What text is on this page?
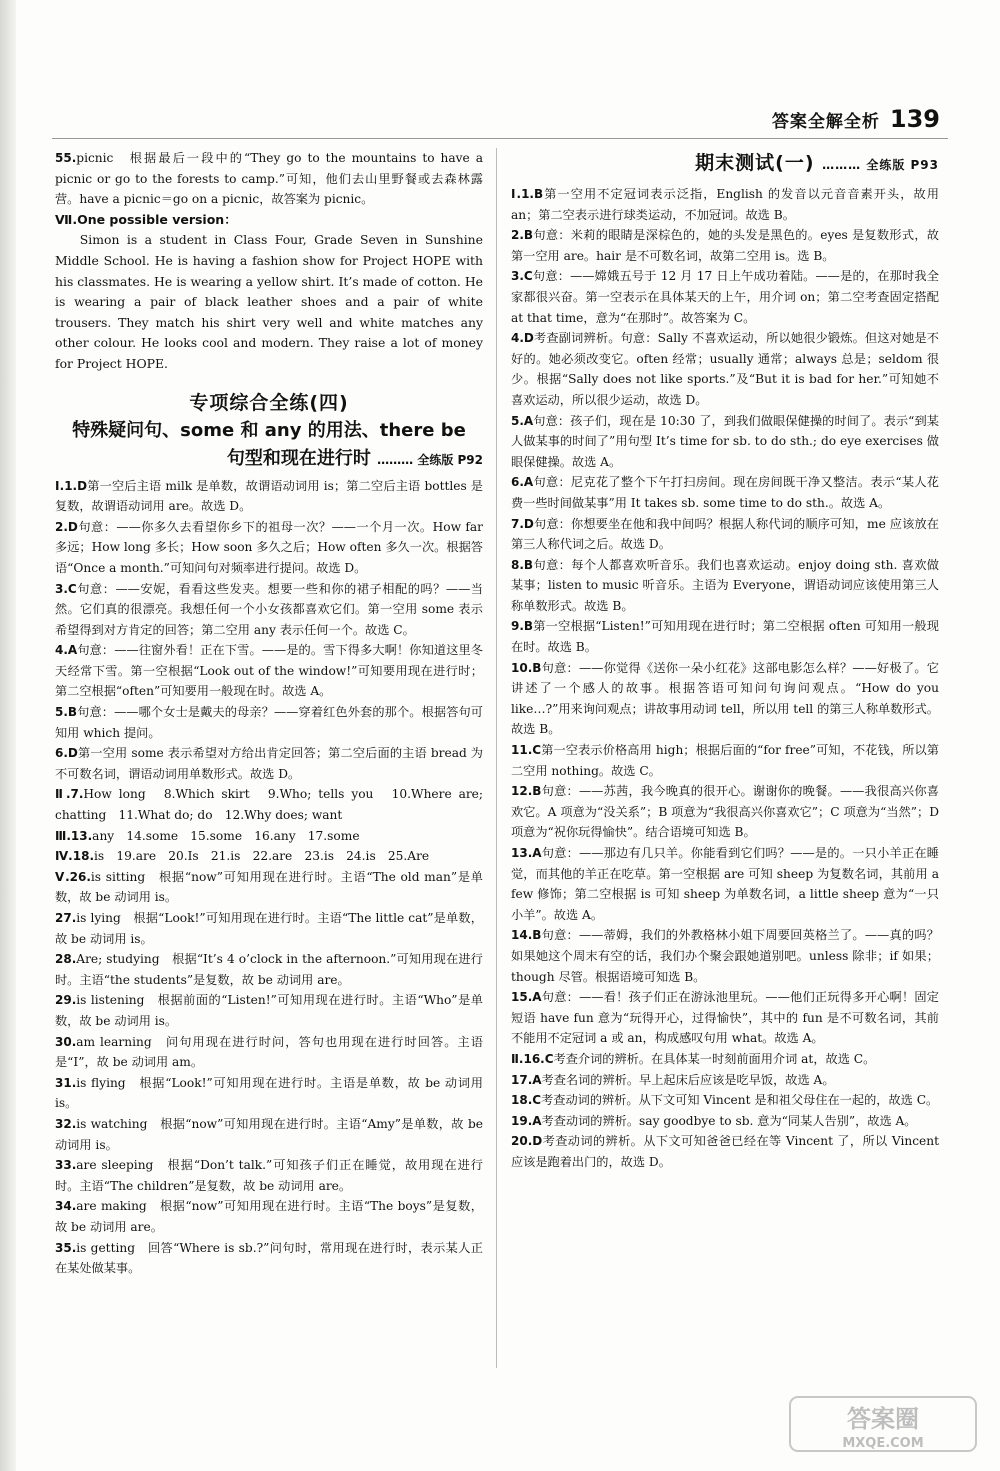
答案全解全析 139
55.picnic　根据最后一段中的“They go to the mountains to have a picnic or go to the forests to camp.”可知，他们去山里野餐或去森林露营。have a picnic＝go on a picnic，故答案为 picnic。
Ⅶ.One possible version：
Simon is a student in Class Four, Grade Seven in Sunshine Middle School. He is having a fashion show for Project HOPE with his classmates. He is wearing a yellow shirt. It’s made of cotton. He is wearing a pair of black leather shoes and a pair of white trousers. They match his shirt very well and white matches any other colour. He looks cool and modern. They raise a lot of money for Project HOPE.
专项综合全练(四)
特殊疑问句、some 和 any 的用法、there be
句型和现在进行时 ……… 全练版 P92
Ⅰ.1.D第一空后主语 milk 是单数，故谓语动词用 is；第二空后主语 bottles 是复数，故谓语动词用 are。故选 D。
2.D句意：——你多久去看望你乡下的祖母一次？——一个月一次。How far 多远；How long 多长；How soon 多久之后；How often 多久一次。根据答语“Once a month.”可知问句对频率进行提问。故选 D。
3.C句意：——安妮，看看这些发夹。想要一些和你的裙子相配的吗？——当然。它们真的很漂亮。我想任何一个小女孩都喜欢它们。第一空用 some 表示希望得到对方肯定的回答；第二空用 any 表示任何一个。故选 C。
4.A句意：——往窗外看！正在下雪。——是的。雪下得多大啊！你知道这里冬天经常下雪。第一空根据“Look out of the window!”可知要用现在进行时；第二空根据“often”可知要用一般现在时。故选 A。
5.B句意：——哪个女士是戴夫的母亲？——穿着红色外套的那个。根据答句可知用 which 提问。
6.D第一空用 some 表示希望对方给出肯定回答；第二空后面的主语 bread 为不可数名词，谓语动词用单数形式。故选 D。
Ⅱ.7.How long　8.Which skirt　9.Who; tells you　10.Where are; chatting　11.What do; do　12.Why does; want
Ⅲ.13.any　14.some　15.some　16.any　17.some
Ⅳ.18.is　19.are　20.Is　21.is　22.are　23.is　24.is　25.Are
Ⅴ.26.is sitting　根据“now”可知用现在进行时。主语“The old man”是单数，故 be 动词用 is。
27.is lying　根据“Look!”可知用现在进行时。主语“The little cat”是单数，故 be 动词用 is。
28.Are; studying　根据“It’s 4 o’clock in the afternoon.”可知用现在进行时。主语“the students”是复数，故 be 动词用 are。
29.is listening　根据前面的“Listen!”可知用现在进行时。主语“Who”是单数，故 be 动词用 is。
30.am learning　问句用现在进行时问，答句也用现在进行时回答。主语是“I”，故 be 动词用 am。
31.is flying　根据“Look!”可知用现在进行时。主语是单数，故 be 动词用 is。
32.is watching　根据“now”可知用现在进行时。主语“Amy”是单数，故 be 动词用 is。
33.are sleeping　根据“Don’t talk.”可知孩子们正在睡觉，故用现在进行时。主语“The children”是复数，故 be 动词用 are。
34.are making　根据“now”可知用现在进行时。主语“The boys”是复数，故 be 动词用 are。
35.is getting　回答“Where is sb.?”问句时，常用现在进行时，表示某人正在某处做某事。
期末测试(一) ……… 全练版 P93
Ⅰ.1.B第一空用不定冠词表示泛指，English 的发音以元音音素开头，故用 an；第二空表示进行球类运动，不加冠词。故选 B。
2.B句意：米莉的眼睛是深棕色的，她的头发是黑色的。eyes 是复数形式，故第一空用 are。hair 是不可数名词，故第二空用 is。选 B。
3.C句意：——嫦娥五号于 12 月 17 日上午成功着陆。——是的，在那时我全家都很兴奋。第一空表示在具体某天的上午，用介词 on；第二空考查固定搭配 at that time，意为“在那时”。故答案为 C。
4.D考查副词辨析。句意：Sally 不喜欢运动，所以她很少锻炼。但这对她是不好的。她必须改变它。often 经常；usually 通常；always 总是；seldom 很少。根据“Sally does not like sports.”及“But it is bad for her.”可知她不喜欢运动，所以很少运动，故选 D。
5.A句意：孩子们，现在是 10:30 了，到我们做眼保健操的时间了。表示“到某人做某事的时间了”用句型 It’s time for sb. to do sth.; do eye exercises 做眼保健操。故选 A。
6.A句意：尼克花了整个下午打扫房间。现在房间既干净又整洁。表示“某人花费一些时间做某事”用 It takes sb. some time to do sth.。故选 A。
7.D句意：你想要坐在他和我中间吗？根据人称代词的顺序可知，me 应该放在第三人称代词之后。故选 D。
8.B句意：每个人都喜欢听音乐。我们也喜欢运动。enjoy doing sth. 喜欢做某事；listen to music 听音乐。主语为 Everyone，谓语动词应该使用第三人称单数形式。故选 B。
9.B第一空根据“Listen!”可知用现在进行时；第二空根据 often 可知用一般现在时。故选 B。
10.B句意：——你觉得《送你一朵小红花》这部电影怎么样？——好极了。它讲述了一个感人的故事。根据答语可知问句询问观点。“How do you like…?”用来询问观点；讲故事用动词 tell，所以用 tell 的第三人称单数形式。故选 B。
11.C第一空表示价格高用 high；根据后面的“for free”可知，不花钱，所以第二空用 nothing。故选 C。
12.B句意：——苏茜，我今晚真的很开心。谢谢你的晚餐。——我很高兴你喜欢它。A 项意为“没关系”；B 项意为“我很高兴你喜欢它”；C 项意为“当然”；D 项意为“祝你玩得愉快”。结合语境可知选 B。
13.A句意：——那边有几只羊。你能看到它们吗？——是的。一只小羊正在睡觉，而其他的羊正在吃草。第一空根据 are 可知 sheep 为复数名词，其前用 a few 修饰；第二空根据 is 可知 sheep 为单数名词，a little sheep 意为“一只小羊”。故选 A。
14.B句意：——蒂姆，我们的外教格林小姐下周要回英格兰了。——真的吗？如果她这个周末有空的话，我们办个聚会跟她道别吧。unless 除非；if 如果；though 尽管。根据语境可知选 B。
15.A句意：——看！孩子们正在游泳池里玩。——他们正玩得多开心啊！固定短语 have fun 意为“玩得开心，过得愉快”，其中的 fun 是不可数名词，其前不能用不定冠词 a 或 an，构成感叹句用 what。故选 A。
Ⅱ.16.C考查介词的辨析。在具体某一时刻前面用介词 at，故选 C。
17.A考查名词的辨析。早上起床后应该是吃早饭，故选 A。
18.C考查动词的辨析。从下文可知 Vincent 是和祖父母住在一起的，故选 C。
19.A考查动词的辨析。say goodbye to sb. 意为“同某人告别”，故选 A。
20.D考查动词的辨析。从下文可知爸爸已经在等 Vincent 了，所以 Vincent 应该是跑着出门的，故选 D。
答案圈
MXQE.COM
